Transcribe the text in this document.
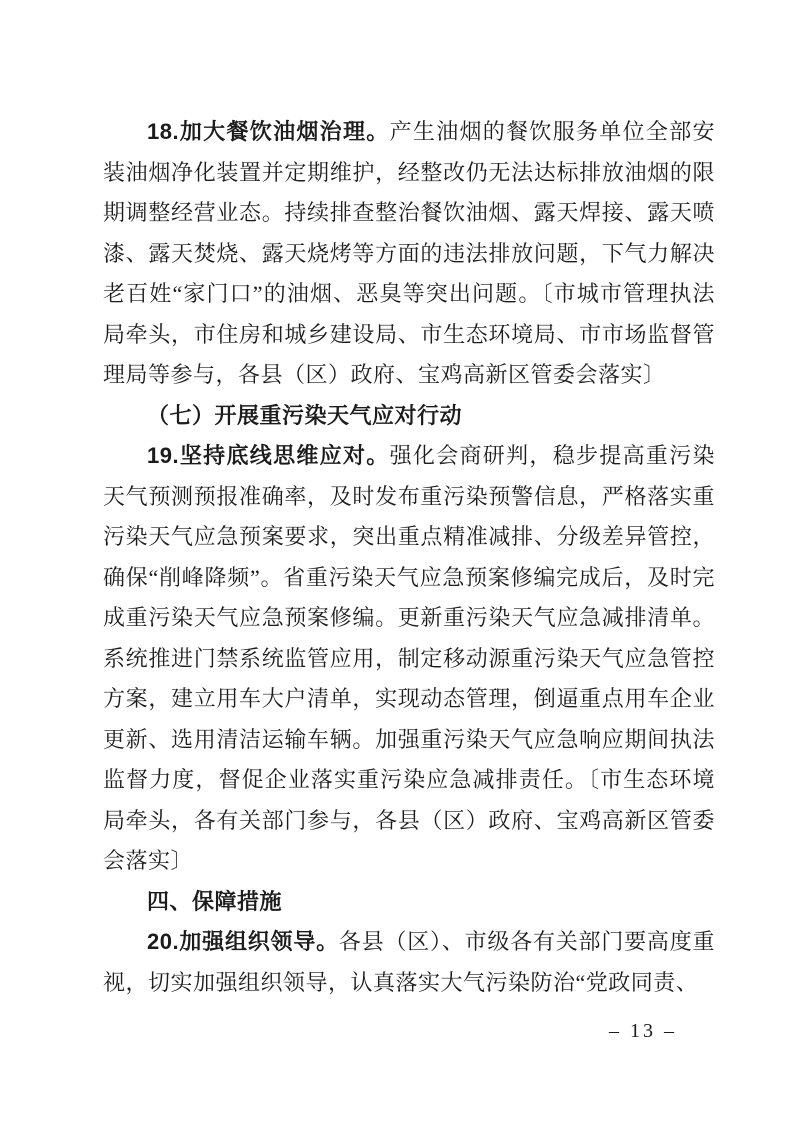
18.加大餐饮油烟治理。产生油烟的餐饮服务单位全部安装油烟净化装置并定期维护，经整改仍无法达标排放油烟的限期调整经营业态。持续排查整治餐饮油烟、露天焊接、露天喷漆、露天焚烧、露天烧烤等方面的违法排放问题，下气力解决老百姓“家门口”的油烟、恶臭等突出问题。〔市城市管理执法局牵头，市住房和城乡建设局、市生态环境局、市市场监督管理局等参与，各县（区）政府、宝鸡高新区管委会落实〕

（七）开展重污染天气应对行动

19.坚持底线思维应对。强化会商研判，稳步提高重污染天气预测预报准确率，及时发布重污染预警信息，严格落实重污染天气应急预案要求，突出重点精准减排、分级差异管控，确保“削峰降频”。省重污染天气应急预案修编完成后，及时完成重污染天气应急预案修编。更新重污染天气应急减排清单。系统推进门禁系统监管应用，制定移动源重污染天气应急管控方案，建立用车大户清单，实现动态管理，倒逼重点用车企业更新、选用清洁运输车辆。加强重污染天气应急响应期间执法监督力度，督促企业落实重污染应急减排责任。〔市生态环境局牵头，各有关部门参与，各县（区）政府、宝鸡高新区管委会落实〕

四、保障措施

20.加强组织领导。各县（区）、市级各有关部门要高度重视，切实加强组织领导，认真落实大气污染防治“党政同责、

– 13 –
